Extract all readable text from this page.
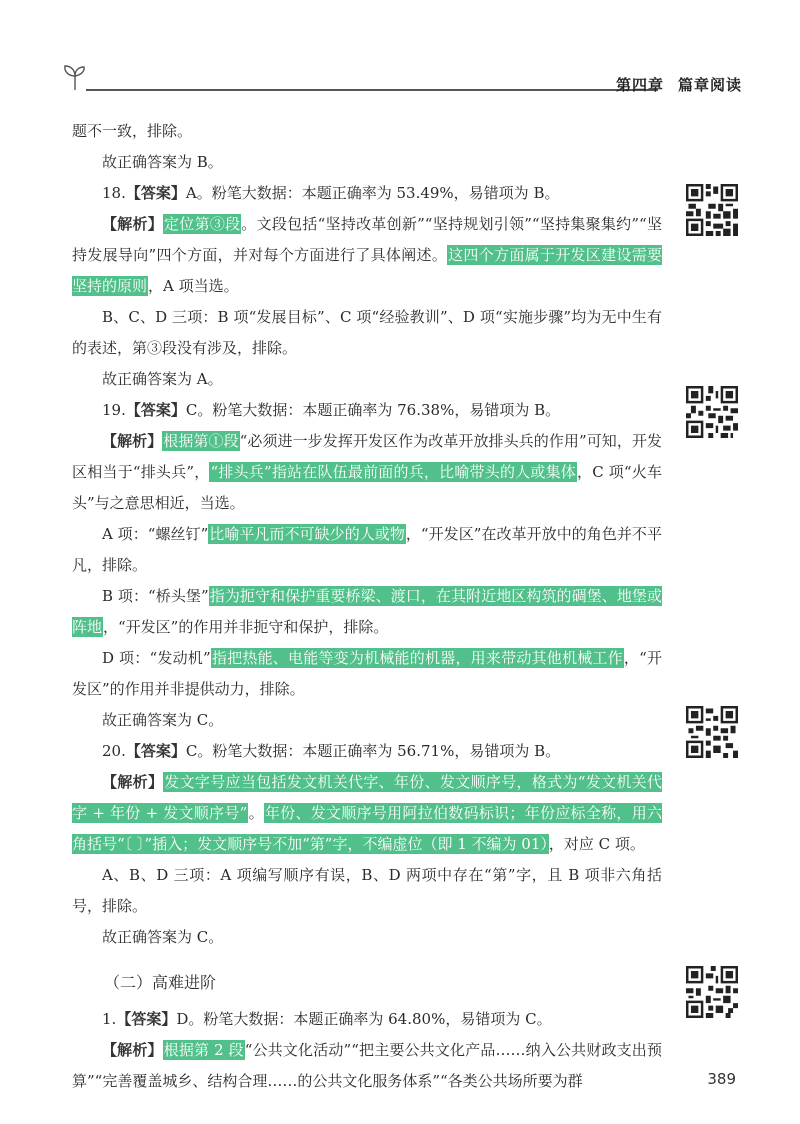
第四章 篇章阅读

题不一致，排除。

故正确答案为 B。

18.【答案】A。粉笔大数据：本题正确率为 53.49%，易错项为 B。

【解析】定位第③段。文段包括“坚持改革创新”“坚持规划引领”“坚持集聚集约”“坚持发展导向”四个方面，并对每个方面进行了具体阐述。这四个方面属于开发区建设需要坚持的原则，A 项当选。

B、C、D 三项：B 项“发展目标”、C 项“经验教训”、D 项“实施步骤”均为无中生有的表述，第③段没有涉及，排除。

故正确答案为 A。

19.【答案】C。粉笔大数据：本题正确率为 76.38%，易错项为 B。

【解析】根据第①段“必须进一步发挥开发区作为改革开放排头兵的作用”可知，开发区相当于“排头兵”，“排头兵”指站在队伍最前面的兵，比喻带头的人或集体，C 项“火车头”与之意思相近，当选。

A 项：“螺丝钉”比喻平凡而不可缺少的人或物，“开发区”在改革开放中的角色并不平凡，排除。

B 项：“桥头堡”指为扼守和保护重要桥梁、渡口，在其附近地区构筑的碉堡、地堡或阵地，“开发区”的作用并非扼守和保护，排除。

D 项：“发动机”指把热能、电能等变为机械能的机器，用来带动其他机械工作，“开发区”的作用并非提供动力，排除。

故正确答案为 C。

20.【答案】C。粉笔大数据：本题正确率为 56.71%，易错项为 B。

【解析】发文字号应当包括发文机关代字、年份、发文顺序号，格式为“发文机关代字 + 年份 + 发文顺序号”。年份、发文顺序号用阿拉伯数码标识；年份应标全称，用六角括号“〔 〕”插入；发文顺序号不加“第”字，不编虚位（即 1 不编为 01），对应 C 项。

A、B、D 三项：A 项编写顺序有误，B、D 两项中存在“第”字，且 B 项非六角括号，排除。

故正确答案为 C。

（二）高难进阶

1.【答案】D。粉笔大数据：本题正确率为 64.80%，易错项为 C。

【解析】根据第 2 段“公共文化活动”“把主要公共文化产品……纳入公共财政支出预算”“完善覆盖城乡、结构合理……的公共文化服务体系”“各类公共场所要为群	389
